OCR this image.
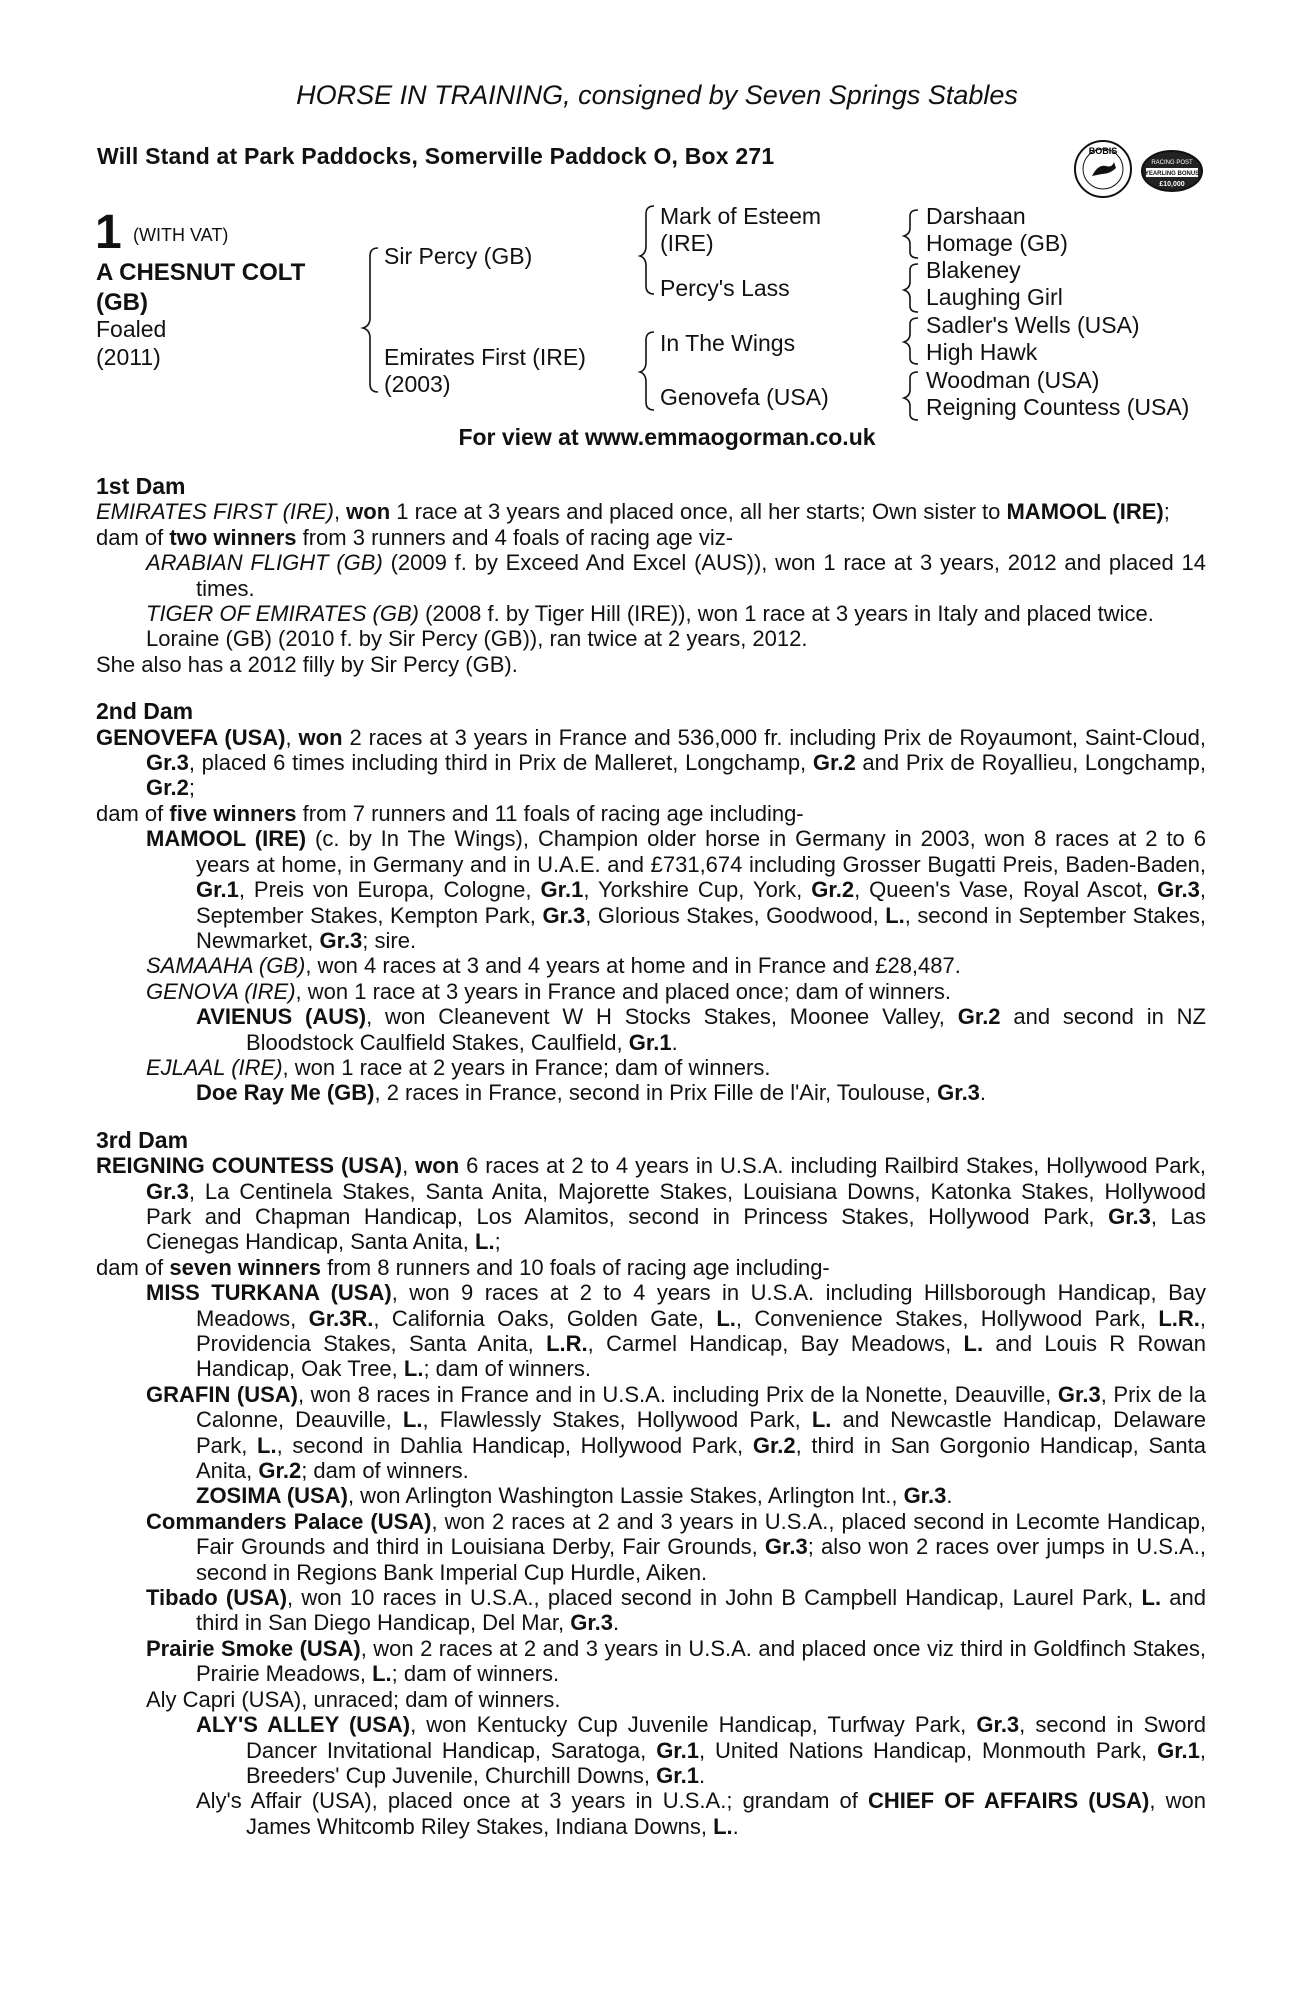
HORSE IN TRAINING, consigned by Seven Springs Stables
Will Stand at Park Paddocks, Somerville Paddock O, Box 271	BOBIS
RACING POST
YEARLING BONUS
£10,000
1 (WITH VAT)
A CHESNUT COLT
(GB)
Foaled
(2011)
Sir Percy (GB)
Emirates First (IRE)
(2003)
Mark of Esteem
(IRE)
Percy's Lass
In The Wings
Genovefa (USA)
Darshaan
Homage (GB)
Blakeney
Laughing Girl
Sadler's Wells (USA)
High Hawk
Woodman (USA)
Reigning Countess (USA)
For view at www.emmaogorman.co.uk
1st Dam
EMIRATES FIRST (IRE), won 1 race at 3 years and placed once, all her starts; Own sister to MAMOOL (IRE);
dam of two winners from 3 runners and 4 foals of racing age viz-
ARABIAN FLIGHT (GB) (2009 f. by Exceed And Excel (AUS)), won 1 race at 3 years, 2012 and placed 14 times.
TIGER OF EMIRATES (GB) (2008 f. by Tiger Hill (IRE)), won 1 race at 3 years in Italy and placed twice.
Loraine (GB) (2010 f. by Sir Percy (GB)), ran twice at 2 years, 2012.
She also has a 2012 filly by Sir Percy (GB).
2nd Dam
GENOVEFA (USA), won 2 races at 3 years in France and 536,000 fr. including Prix de Royaumont, Saint-Cloud, Gr.3, placed 6 times including third in Prix de Malleret, Longchamp, Gr.2 and Prix de Royallieu, Longchamp, Gr.2;
dam of five winners from 7 runners and 11 foals of racing age including-
MAMOOL (IRE) (c. by In The Wings), Champion older horse in Germany in 2003, won 8 races at 2 to 6 years at home, in Germany and in U.A.E. and £731,674 including Grosser Bugatti Preis, Baden-Baden, Gr.1, Preis von Europa, Cologne, Gr.1, Yorkshire Cup, York, Gr.2, Queen's Vase, Royal Ascot, Gr.3, September Stakes, Kempton Park, Gr.3, Glorious Stakes, Goodwood, L., second in September Stakes, Newmarket, Gr.3; sire.
SAMAAHA (GB), won 4 races at 3 and 4 years at home and in France and £28,487.
GENOVA (IRE), won 1 race at 3 years in France and placed once; dam of winners.
AVIENUS (AUS), won Cleanevent W H Stocks Stakes, Moonee Valley, Gr.2 and second in NZ Bloodstock Caulfield Stakes, Caulfield, Gr.1.
EJLAAL (IRE), won 1 race at 2 years in France; dam of winners.
Doe Ray Me (GB), 2 races in France, second in Prix Fille de l'Air, Toulouse, Gr.3.
3rd Dam
REIGNING COUNTESS (USA), won 6 races at 2 to 4 years in U.S.A. including Railbird Stakes, Hollywood Park, Gr.3, La Centinela Stakes, Santa Anita, Majorette Stakes, Louisiana Downs, Katonka Stakes, Hollywood Park and Chapman Handicap, Los Alamitos, second in Princess Stakes, Hollywood Park, Gr.3, Las Cienegas Handicap, Santa Anita, L.;
dam of seven winners from 8 runners and 10 foals of racing age including-
MISS TURKANA (USA), won 9 races at 2 to 4 years in U.S.A. including Hillsborough Handicap, Bay Meadows, Gr.3R., California Oaks, Golden Gate, L., Convenience Stakes, Hollywood Park, L.R., Providencia Stakes, Santa Anita, L.R., Carmel Handicap, Bay Meadows, L. and Louis R Rowan Handicap, Oak Tree, L.; dam of winners.
GRAFIN (USA), won 8 races in France and in U.S.A. including Prix de la Nonette, Deauville, Gr.3, Prix de la Calonne, Deauville, L., Flawlessly Stakes, Hollywood Park, L. and Newcastle Handicap, Delaware Park, L., second in Dahlia Handicap, Hollywood Park, Gr.2, third in San Gorgonio Handicap, Santa Anita, Gr.2; dam of winners.
ZOSIMA (USA), won Arlington Washington Lassie Stakes, Arlington Int., Gr.3.
Commanders Palace (USA), won 2 races at 2 and 3 years in U.S.A., placed second in Lecomte Handicap, Fair Grounds and third in Louisiana Derby, Fair Grounds, Gr.3; also won 2 races over jumps in U.S.A., second in Regions Bank Imperial Cup Hurdle, Aiken.
Tibado (USA), won 10 races in U.S.A., placed second in John B Campbell Handicap, Laurel Park, L. and third in San Diego Handicap, Del Mar, Gr.3.
Prairie Smoke (USA), won 2 races at 2 and 3 years in U.S.A. and placed once viz third in Goldfinch Stakes, Prairie Meadows, L.; dam of winners.
Aly Capri (USA), unraced; dam of winners.
ALY'S ALLEY (USA), won Kentucky Cup Juvenile Handicap, Turfway Park, Gr.3, second in Sword Dancer Invitational Handicap, Saratoga, Gr.1, United Nations Handicap, Monmouth Park, Gr.1, Breeders' Cup Juvenile, Churchill Downs, Gr.1.
Aly's Affair (USA), placed once at 3 years in U.S.A.; grandam of CHIEF OF AFFAIRS (USA), won James Whitcomb Riley Stakes, Indiana Downs, L..
